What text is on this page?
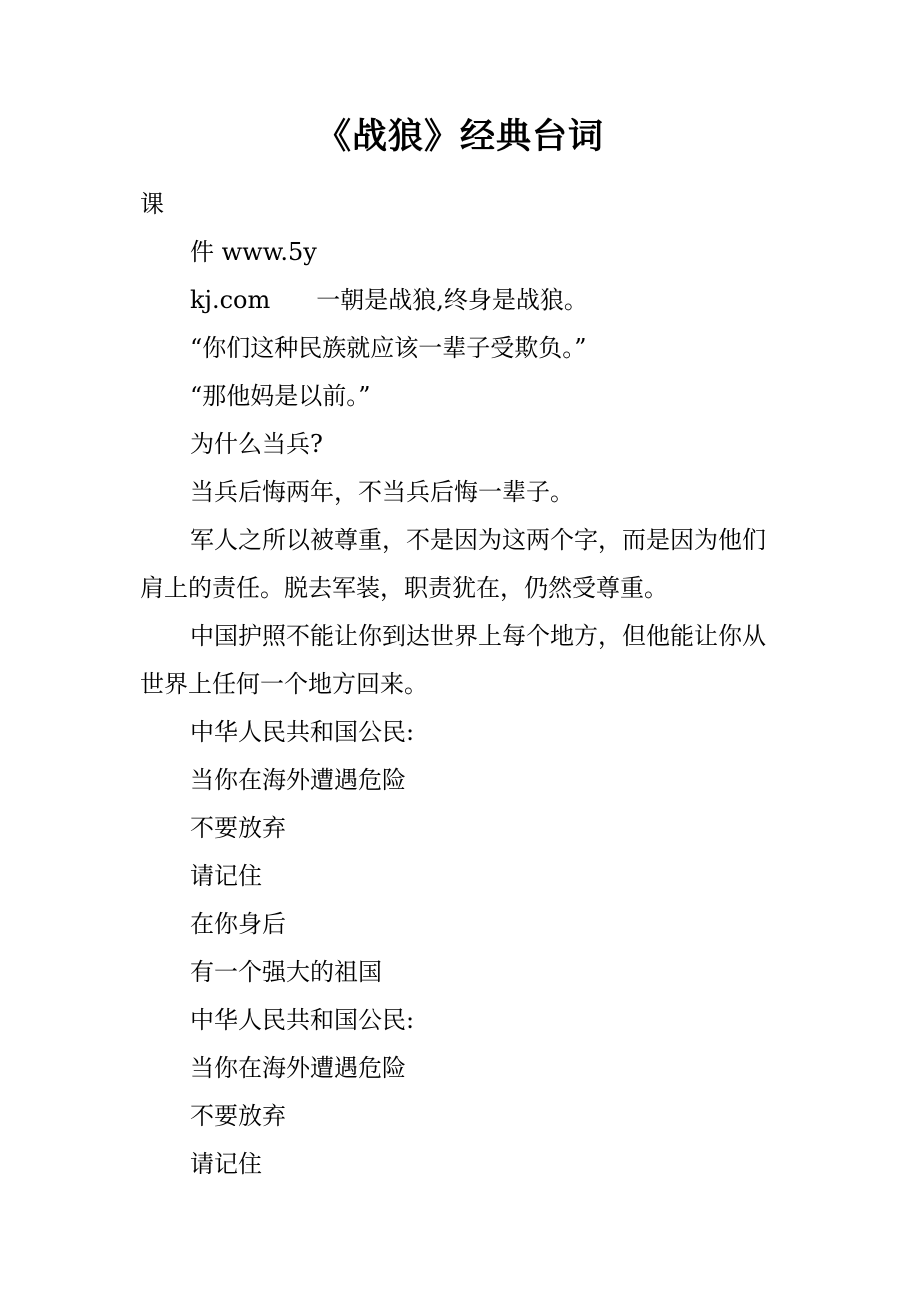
《战狼》经典台词

课

件 www.5y

kj.com 一朝是战狼,终身是战狼。

“你们这种民族就应该一辈子受欺负。”

“那他妈是以前。”

为什么当兵?

当兵后悔两年，不当兵后悔一辈子。

军人之所以被尊重，不是因为这两个字，而是因为他们肩上的责任。脱去军装，职责犹在，仍然受尊重。

中国护照不能让你到达世界上每个地方，但他能让你从世界上任何一个地方回来。

中华人民共和国公民:

当你在海外遭遇危险

不要放弃

请记住

在你身后

有一个强大的祖国

中华人民共和国公民:

当你在海外遭遇危险

不要放弃

请记住
